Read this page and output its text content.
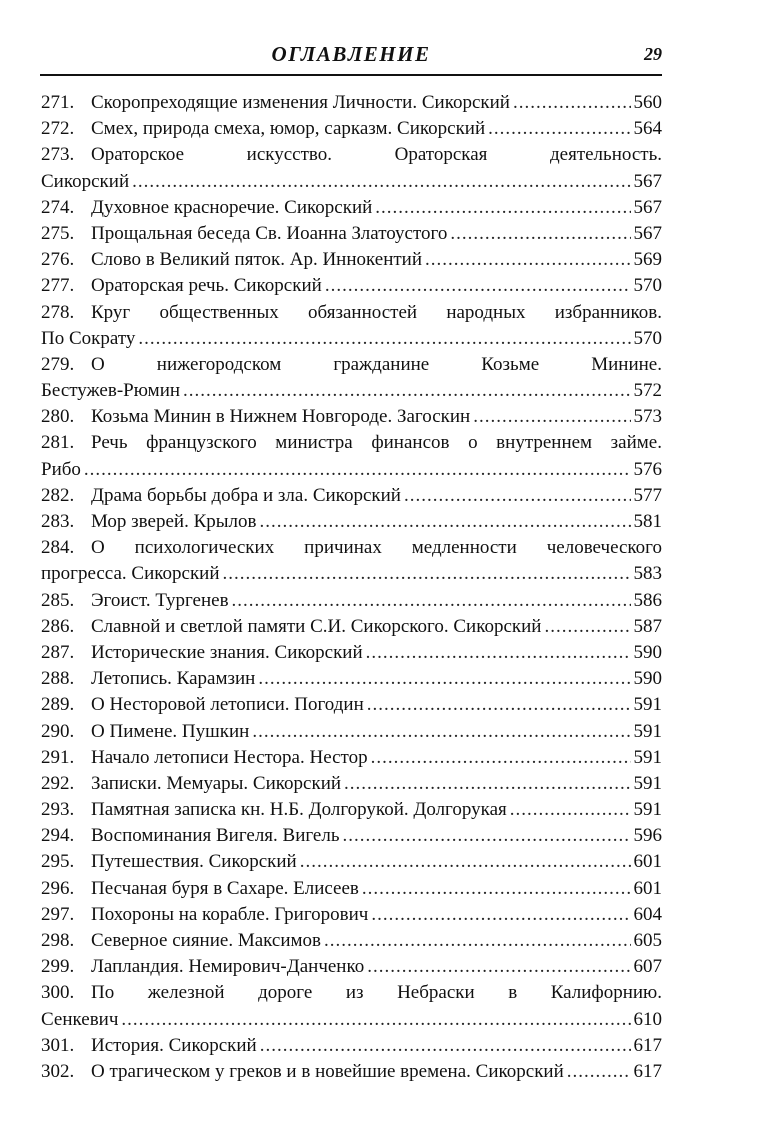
ОГЛАВЛЕНИЕ	29
271. Скоропреходящие изменения Личности. Сикорский .....	560
272. Смех, природа смеха, юмор, сарказм. Сикорский .....	564
273. Ораторское искусство. Ораторская деятельность.
Сикорский .....	567
274. Духовное красноречие. Сикорский .....	567
275. Прощальная беседа Св. Иоанна Златоустого .....	567
276. Слово в Великий пяток. Ар. Иннокентий .....	569
277. Ораторская речь. Сикорский .....	570
278. Круг общественных обязанностей народных избранников.
По Сократу .....	570
279. О нижегородском гражданине Козьме Минине.
Бестужев-Рюмин .....	572
280. Козьма Минин в Нижнем Новгороде. Загоскин .....	573
281. Речь французского министра финансов о внутреннем займе.
Рибо .....	576
282. Драма борьбы добра и зла. Сикорский .....	577
283. Мор зверей. Крылов .....	581
284. О психологических причинах медленности человеческого
прогресса. Сикорский .....	583
285. Эгоист. Тургенев .....	586
286. Славной и светлой памяти С.И. Сикорского. Сикорский .....	587
287. Исторические знания. Сикорский .....	590
288. Летопись. Карамзин .....	590
289. О Несторовой летописи. Погодин .....	591
290. О Пимене. Пушкин .....	591
291. Начало летописи Нестора. Нестор .....	591
292. Записки. Мемуары. Сикорский .....	591
293. Памятная записка кн. Н.Б. Долгорукой. Долгорукая .....	591
294. Воспоминания Вигеля. Вигель .....	596
295. Путешествия. Сикорский .....	601
296. Песчаная буря в Сахаре. Елисеев .....	601
297. Похороны на корабле. Григорович .....	604
298. Северное сияние. Максимов .....	605
299. Лапландия. Немирович-Данченко .....	607
300. По железной дороге из Небраски в Калифорнию.
Сенкевич .....	610
301. История. Сикорский .....	617
302. О трагическом у греков и в новейшие времена. Сикорский .....	617
